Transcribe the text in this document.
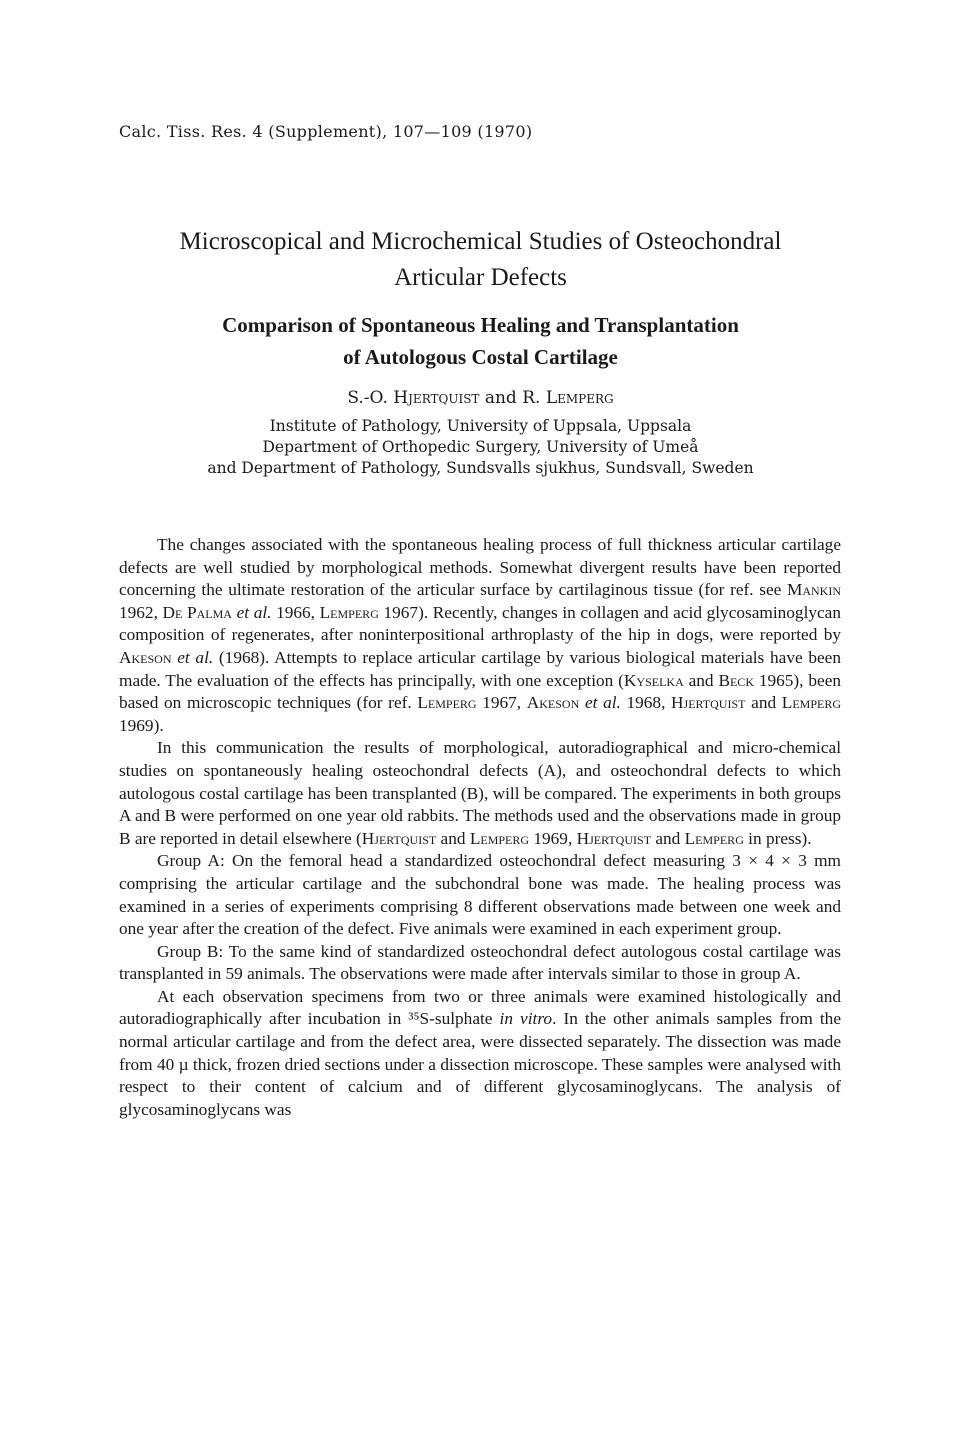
Calc. Tiss. Res. 4 (Supplement), 107—109 (1970)
Microscopical and Microchemical Studies of Osteochondral
Articular Defects
Comparison of Spontaneous Healing and Transplantation
of Autologous Costal Cartilage
S.-O. Hjertquist and R. Lemperg
Institute of Pathology, University of Uppsala, Uppsala
Department of Orthopedic Surgery, University of Umeå
and Department of Pathology, Sundsvalls sjukhus, Sundsvall, Sweden

The changes associated with the spontaneous healing process of full thickness articular cartilage defects are well studied by morphological methods. Somewhat divergent results have been reported concerning the ultimate restoration of the articular surface by cartilaginous tissue (for ref. see Mankin 1962, De Palma et al. 1966, Lemperg 1967). Recently, changes in collagen and acid glycosaminoglycan composition of regenerates, after noninterpositional arthroplasty of the hip in dogs, were reported by Akeson et al. (1968). Attempts to replace articular cartilage by various biological materials have been made. The evaluation of the effects has principally, with one exception (Kyselka and Beck 1965), been based on microscopic techniques (for ref. Lemperg 1967, Akeson et al. 1968, Hjertquist and Lemperg 1969).

In this communication the results of morphological, autoradiographical and micro-chemical studies on spontaneously healing osteochondral defects (A), and osteochondral defects to which autologous costal cartilage has been transplanted (B), will be compared. The experiments in both groups A and B were performed on one year old rabbits. The methods used and the observations made in group B are reported in detail elsewhere (Hjertquist and Lemperg 1969, Hjertquist and Lemperg in press).

Group A: On the femoral head a standardized osteochondral defect measuring 3 × 4 × 3 mm comprising the articular cartilage and the subchondral bone was made. The healing process was examined in a series of experiments comprising 8 different observations made between one week and one year after the creation of the defect. Five animals were examined in each experiment group.

Group B: To the same kind of standardized osteochondral defect autologous costal cartilage was transplanted in 59 animals. The observations were made after intervals similar to those in group A.

At each observation specimens from two or three animals were examined histologically and autoradiographically after incubation in ³⁵S-sulphate in vitro. In the other animals samples from the normal articular cartilage and from the defect area, were dissected separately. The dissection was made from 40 µ thick, frozen dried sections under a dissection microscope. These samples were analysed with respect to their content of calcium and of different glycosaminoglycans. The analysis of glycosaminoglycans was
